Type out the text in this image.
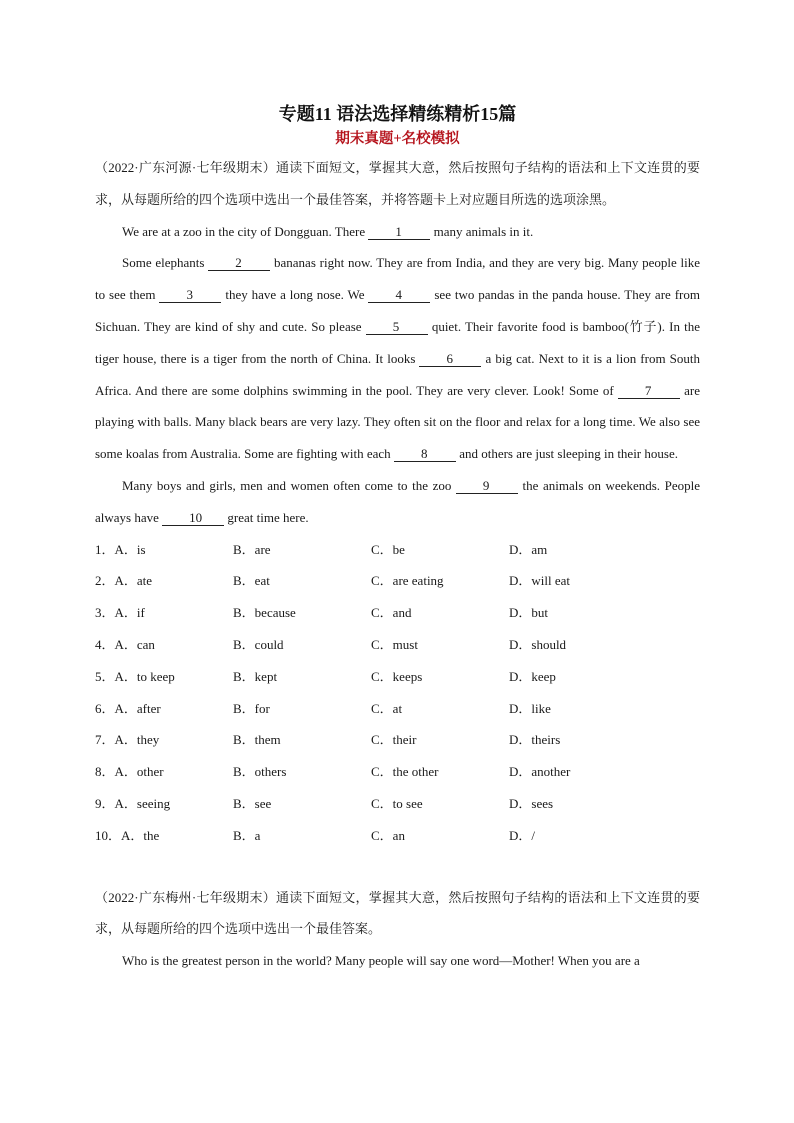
专题11 语法选择精练精析15篇
期末真题+名校模拟

（2022·广东河源·七年级期末）通读下面短文，掌握其大意，然后按照句子结构的语法和上下文连贯的要求，从每题所给的四个选项中选出一个最佳答案，并将答题卡上对应题目所选的选项涂黑。

We are at a zoo in the city of Dongguan. There 1 many animals in it.

Some elephants 2 bananas right now. They are from India, and they are very big. Many people like to see them 3 they have a long nose. We 4 see two pandas in the panda house. They are from Sichuan. They are kind of shy and cute. So please 5 quiet. Their favorite food is bamboo(竹子). In the tiger house, there is a tiger from the north of China. It looks 6 a big cat. Next to it is a lion from South Africa. And there are some dolphins swimming in the pool. They are very clever. Look! Some of 7 are playing with balls. Many black bears are very lazy. They often sit on the floor and relax for a long time. We also see some koalas from Australia. Some are fighting with each 8 and others are just sleeping in their house.

Many boys and girls, men and women often come to the zoo 9 the animals on weekends. People always have 10 great time here.

1．A．is	B．are	C．be	D．am
2．A．ate	B．eat	C．are eating	D．will eat
3．A．if	B．because	C．and	D．but
4．A．can	B．could	C．must	D．should
5．A．to keep	B．kept	C．keeps	D．keep
6．A．after	B．for	C．at	D．like
7．A．they	B．them	C．their	D．theirs
8．A．other	B．others	C．the other	D．another
9．A．seeing	B．see	C．to see	D．sees
10．A．the	B．a	C．an	D．/

（2022·广东梅州·七年级期末）通读下面短文，掌握其大意，然后按照句子结构的语法和上下文连贯的要求，从每题所给的四个选项中选出一个最佳答案。

Who is the greatest person in the world? Many people will say one word—Mother! When you are a
